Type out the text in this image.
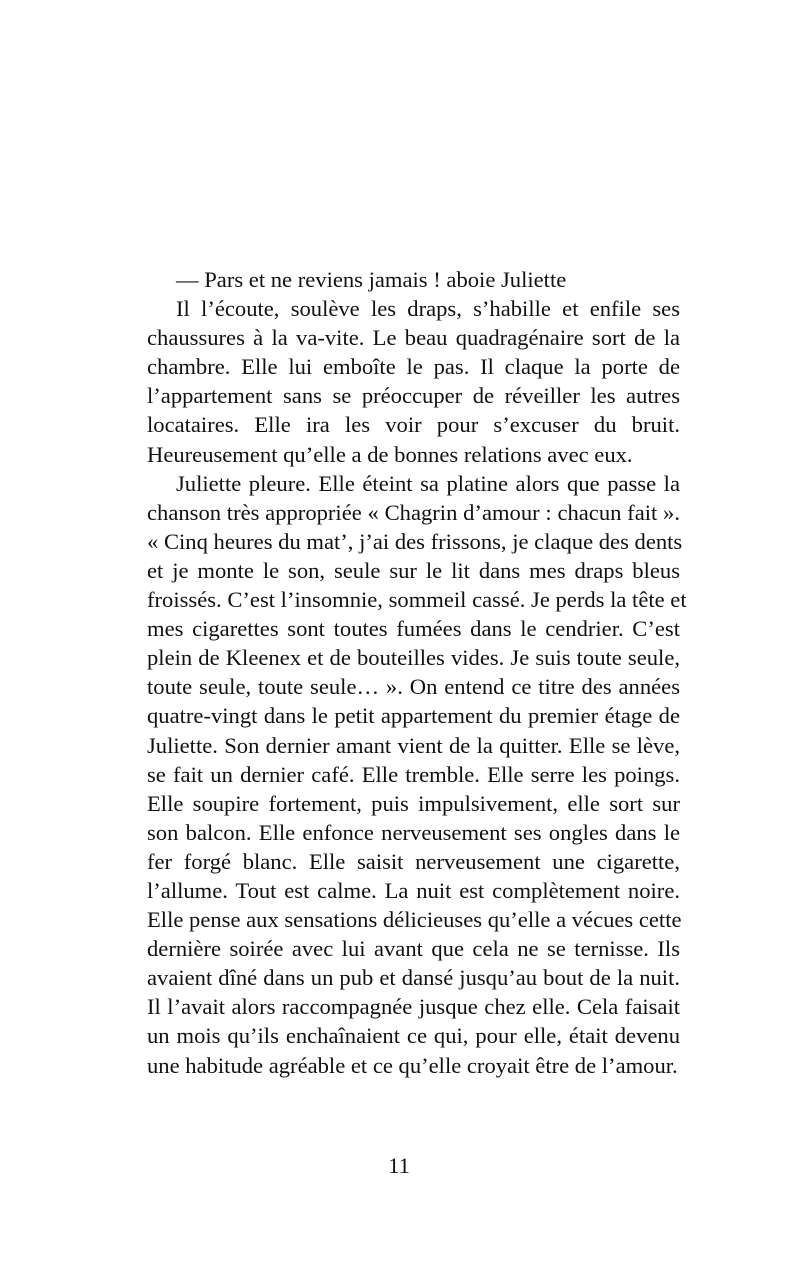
— Pars et ne reviens jamais ! aboie Juliette
Il l’écoute, soulève les draps, s’habille et enfile ses
chaussures à la va-vite. Le beau quadragénaire sort de la
chambre. Elle lui emboîte le pas. Il claque la porte de
l’appartement sans se préoccuper de réveiller les autres
locataires. Elle ira les voir pour s’excuser du bruit.
Heureusement qu’elle a de bonnes relations avec eux.
Juliette pleure. Elle éteint sa platine alors que passe la
chanson très appropriée « Chagrin d’amour : chacun fait ».
« Cinq heures du mat’, j’ai des frissons, je claque des dents
et je monte le son, seule sur le lit dans mes draps bleus
froissés. C’est l’insomnie, sommeil cassé. Je perds la tête et
mes cigarettes sont toutes fumées dans le cendrier. C’est
plein de Kleenex et de bouteilles vides. Je suis toute seule,
toute seule, toute seule… ». On entend ce titre des années
quatre-vingt dans le petit appartement du premier étage de
Juliette. Son dernier amant vient de la quitter. Elle se lève,
se fait un dernier café. Elle tremble. Elle serre les poings.
Elle soupire fortement, puis impulsivement, elle sort sur
son balcon. Elle enfonce nerveusement ses ongles dans le
fer forgé blanc. Elle saisit nerveusement une cigarette,
l’allume. Tout est calme. La nuit est complètement noire.
Elle pense aux sensations délicieuses qu’elle a vécues cette
dernière soirée avec lui avant que cela ne se ternisse. Ils
avaient dîné dans un pub et dansé jusqu’au bout de la nuit.
Il l’avait alors raccompagnée jusque chez elle. Cela faisait
un mois qu’ils enchaînaient ce qui, pour elle, était devenu
une habitude agréable et ce qu’elle croyait être de l’amour.
11
